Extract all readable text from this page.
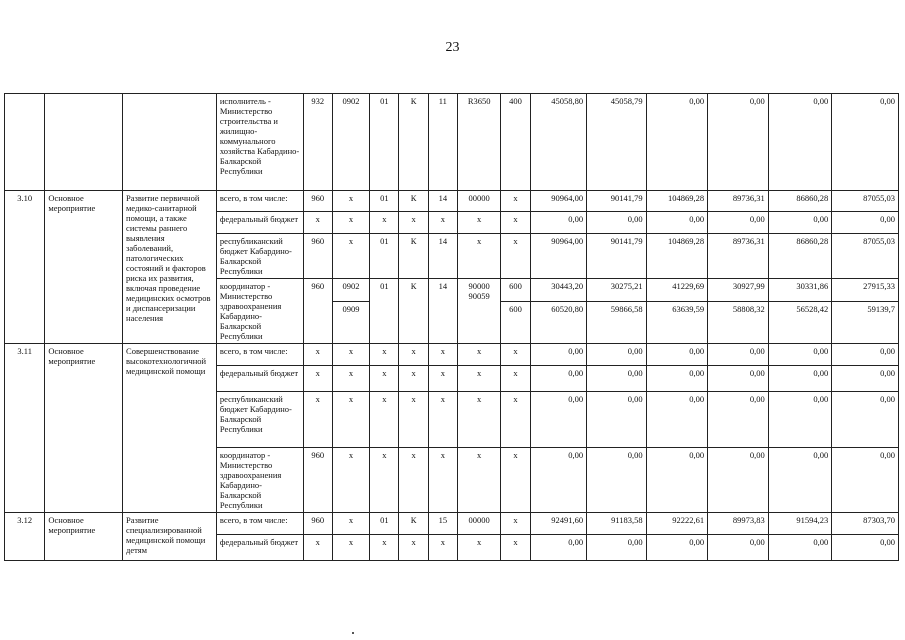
23
			исполнитель - Министерство строительства и жилищно-коммунального хозяйства Кабардино-Балкарской Республики	932	0902	01	К	11	R3650	400	45058,80	45058,79	0,00	0,00	0,00	0,00
3.10	Основное мероприятие	Развитие первичной медико-санитарной помощи, а также системы раннего выявления заболеваний, патологических состояний и факторов риска их развития, включая проведение медицинских осмотров и диспансеризации населения	всего, в том числе:	960	х	01	К	14	00000	х	90964,00	90141,79	104869,28	89736,31	86860,28	87055,03
			федеральный бюджет	х	х	х	х	х	х	х	0,00	0,00	0,00	0,00	0,00	0,00
			республиканский бюджет Кабардино-Балкарской Республики	960	х	01	К	14	х	х	90964,00	90141,79	104869,28	89736,31	86860,28	87055,03
			координатор - Министерство здравоохранения Кабардино-Балкарской Республики	960	0902	01	К	14	90000 90059	600	30443,20	30275,21	41229,69	30927,99	30331,86	27915,33
					0909					600	60520,80	59866,58	63639,59	58808,32	56528,42	59139,7
3.11	Основное мероприятие	Совершенствование высокотехнологичной медицинской помощи	всего, в том числе:	х	х	х	х	х	х	х	0,00	0,00	0,00	0,00	0,00	0,00
			федеральный бюджет	х	х	х	х	х	х	х	0,00	0,00	0,00	0,00	0,00	0,00
			республиканский бюджет Кабардино-Балкарской Республики	х	х	х	х	х	х	х	0,00	0,00	0,00	0,00	0,00	0,00
			координатор - Министерство здравоохранения Кабардино-Балкарской Республики	960	х	х	х	х	х	х	0,00	0,00	0,00	0,00	0,00	0,00
3.12	Основное мероприятие	Развитие специализированной медицинской помощи детям	всего, в том числе:	960	х	01	К	15	00000	х	92491,60	91183,58	92222,61	89973,83	91594,23	87303,70
			федеральный бюджет	х	х	х	х	х	х	х	0,00	0,00	0,00	0,00	0,00	0,00
